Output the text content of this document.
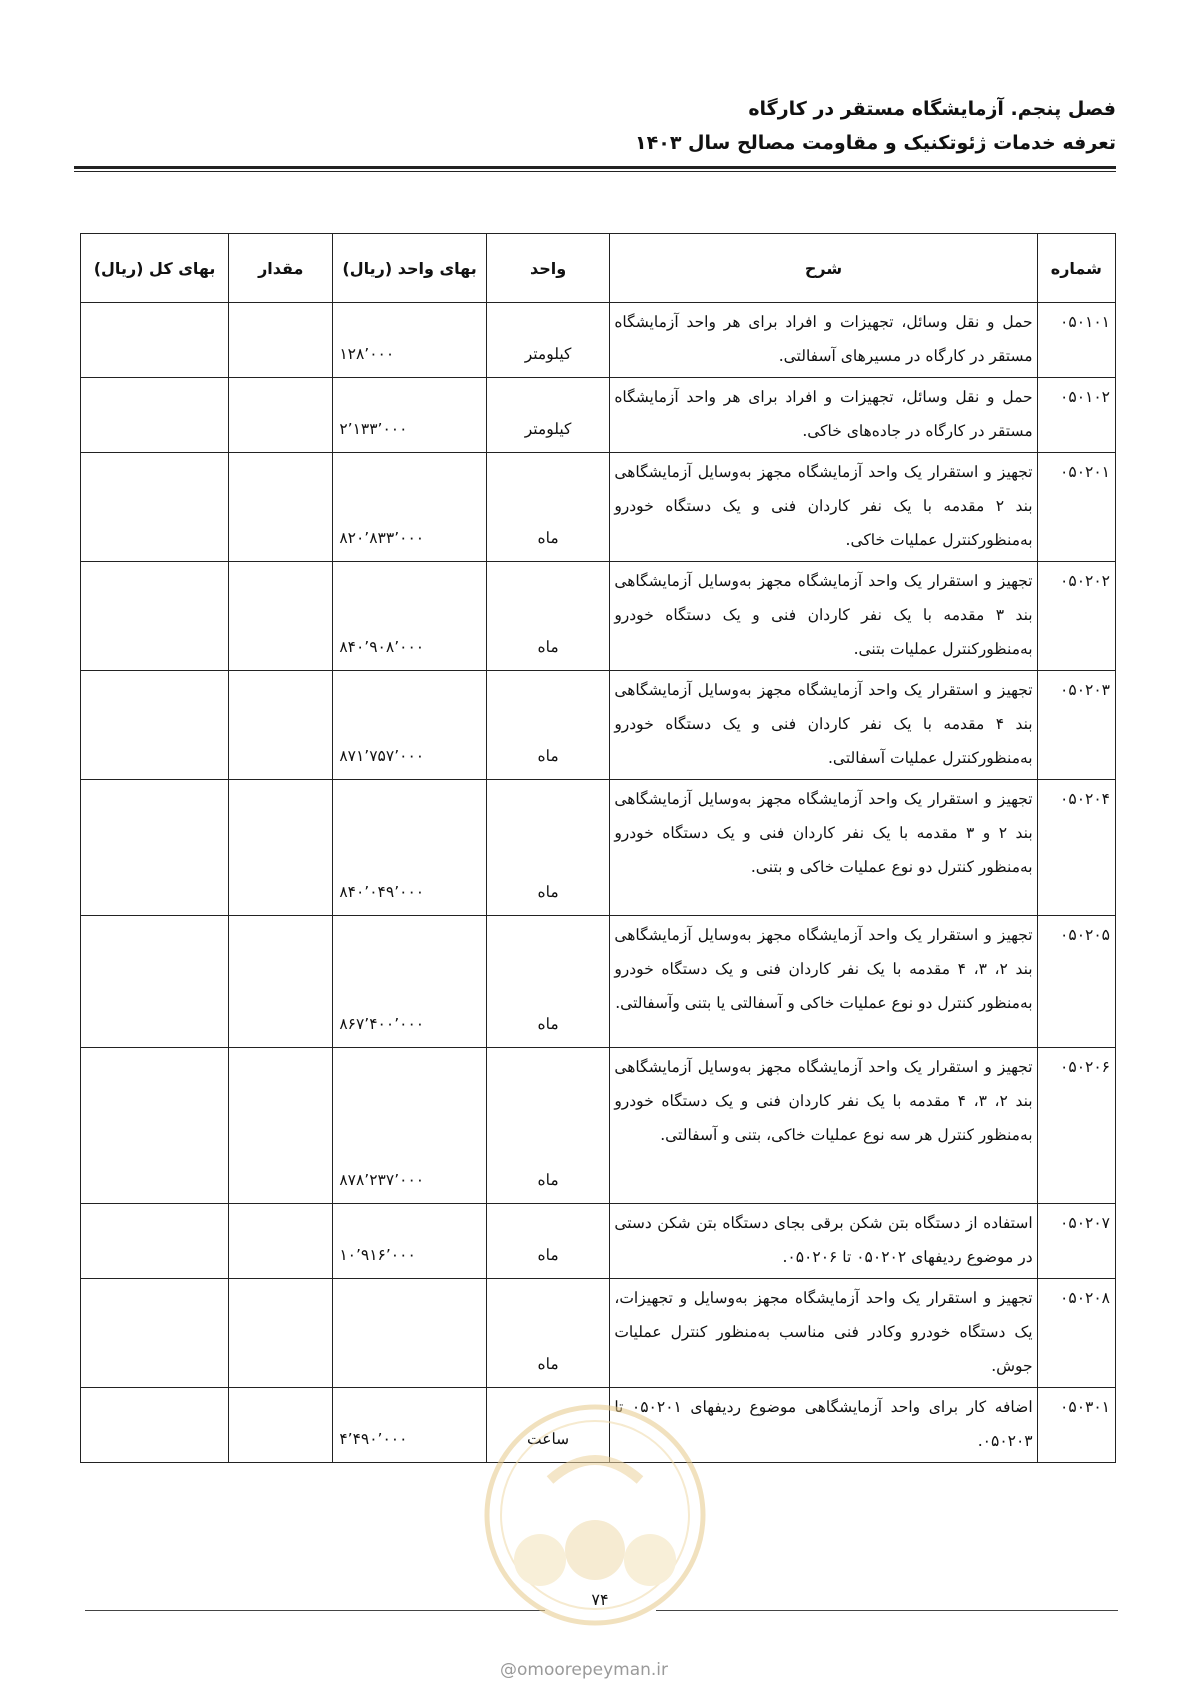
فصل پنجم. آزمایشگاه مستقر در کارگاه
تعرفه خدمات ژئوتکنیک و مقاومت مصالح سال ۱۴۰۳
شماره	شرح	واحد	بهای واحد (ریال)	مقدار	بهای کل (ریال)
۰۵۰۱۰۱	حمل و نقل وسائل، تجهیزات و افراد برای هر واحد آزمایشگاه مستقر در کارگاه در مسیرهای آسفالتی.	کیلومتر	۱۲۸٬۰۰۰		
۰۵۰۱۰۲	حمل و نقل وسائل، تجهیزات و افراد برای هر واحد آزمایشگاه مستقر در کارگاه در جاده‌های خاکی.	کیلومتر	۲٬۱۳۳٬۰۰۰		
۰۵۰۲۰۱	تجهیز و استقرار یک واحد آزمایشگاه مجهز به‌وسایل آزمایشگاهی بند ۲ مقدمه با یک نفر کاردان فنی و یک دستگاه خودرو به‌منظورکنترل عملیات خاکی.	ماه	۸۲۰٬۸۳۳٬۰۰۰		
۰۵۰۲۰۲	تجهیز و استقرار یک واحد آزمایشگاه مجهز به‌وسایل آزمایشگاهی بند ۳ مقدمه با یک نفر کاردان فنی و یک دستگاه خودرو به‌منظورکنترل عملیات بتنی.	ماه	۸۴۰٬۹۰۸٬۰۰۰		
۰۵۰۲۰۳	تجهیز و استقرار یک واحد آزمایشگاه مجهز به‌وسایل آزمایشگاهی بند ۴ مقدمه با یک نفر کاردان فنی و یک دستگاه خودرو به‌منظورکنترل عملیات آسفالتی.	ماه	۸۷۱٬۷۵۷٬۰۰۰		
۰۵۰۲۰۴	تجهیز و استقرار یک واحد آزمایشگاه مجهز به‌وسایل آزمایشگاهی بند ۲ و ۳ مقدمه با یک نفر کاردان فنی و یک دستگاه خودرو به‌منظور کنترل دو نوع عملیات خاکی و بتنی.	ماه	۸۴۰٬۰۴۹٬۰۰۰		
۰۵۰۲۰۵	تجهیز و استقرار یک واحد آزمایشگاه مجهز به‌وسایل آزمایشگاهی بند ۲، ۳، ۴ مقدمه با یک نفر کاردان فنی و یک دستگاه خودرو به‌منظور کنترل دو نوع عملیات خاکی و آسفالتی یا بتنی وآسفالتی.	ماه	۸۶۷٬۴۰۰٬۰۰۰		
۰۵۰۲۰۶	تجهیز و استقرار یک واحد آزمایشگاه مجهز به‌وسایل آزمایشگاهی بند ۲، ۳، ۴ مقدمه با یک نفر کاردان فنی و یک دستگاه خودرو به‌منظور کنترل هر سه نوع عملیات خاکی، بتنی و آسفالتی.	ماه	۸۷۸٬۲۳۷٬۰۰۰		
۰۵۰۲۰۷	استفاده از دستگاه بتن شکن برقی بجای دستگاه بتن شکن دستی در موضوع ردیفهای ۰۵۰۲۰۲ تا ۰۵۰۲۰۶.	ماه	۱۰٬۹۱۶٬۰۰۰		
۰۵۰۲۰۸	تجهیز و استقرار یک واحد آزمایشگاه مجهز به‌وسایل و تجهیزات، یک دستگاه خودرو وکادر فنی مناسب به‌منظور کنترل عملیات جوش.	ماه			
۰۵۰۳۰۱	اضافه کار برای واحد آزمایشگاهی موضوع ردیفهای ۰۵۰۲۰۱ تا ۰۵۰۲۰۳.	ساعت	۴٬۴۹۰٬۰۰۰		
۷۴
@omoorepeyman.ir
